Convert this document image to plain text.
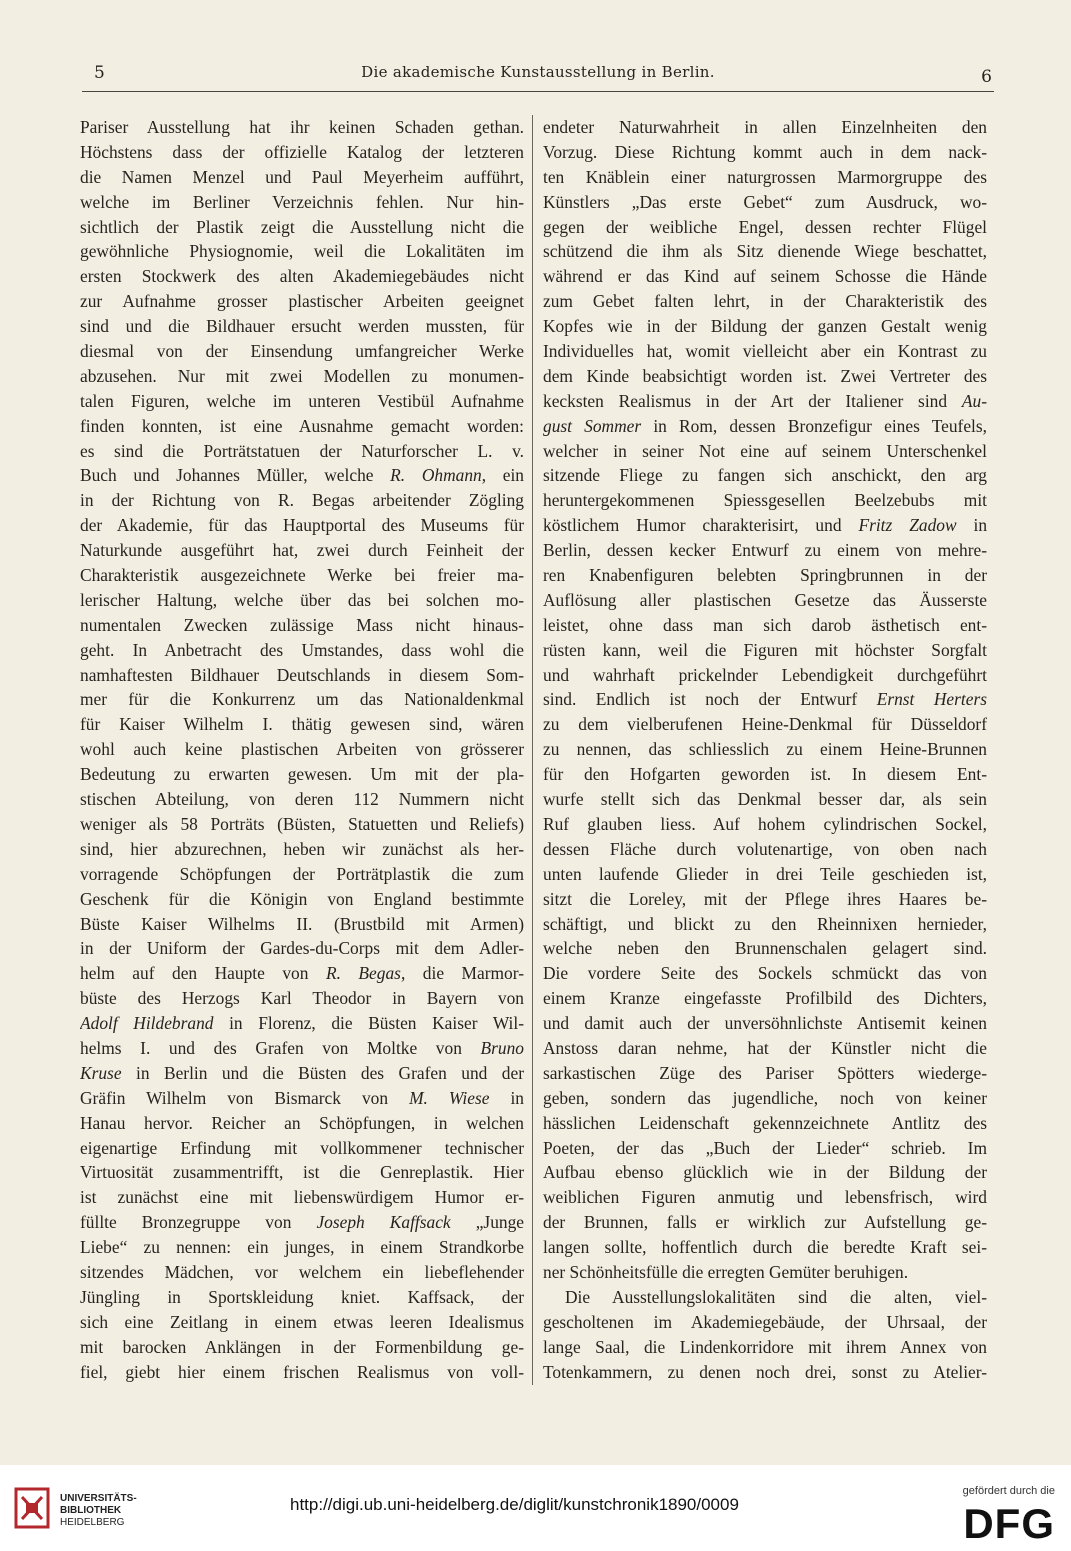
5	Die akademische Kunstausstellung in Berlin.	6
Pariser Ausstellung hat ihr keinen Schaden gethan.
Höchstens dass der offizielle Katalog der letzteren
die Namen Menzel und Paul Meyerheim aufführt,
welche im Berliner Verzeichnis fehlen. Nur hin-
sichtlich der Plastik zeigt die Ausstellung nicht die
gewöhnliche Physiognomie, weil die Lokalitäten im
ersten Stockwerk des alten Akademiegebäudes nicht
zur Aufnahme grosser plastischer Arbeiten geeignet
sind und die Bildhauer ersucht werden mussten, für
diesmal von der Einsendung umfangreicher Werke
abzusehen. Nur mit zwei Modellen zu monumen-
talen Figuren, welche im unteren Vestibül Aufnahme
finden konnten, ist eine Ausnahme gemacht worden:
es sind die Porträtstatuen der Naturforscher L. v.
Buch und Johannes Müller, welche R. Ohmann, ein
in der Richtung von R. Begas arbeitender Zögling
der Akademie, für das Hauptportal des Museums für
Naturkunde ausgeführt hat, zwei durch Feinheit der
Charakteristik ausgezeichnete Werke bei freier ma-
lerischer Haltung, welche über das bei solchen mo-
numentalen Zwecken zulässige Mass nicht hinaus-
geht. In Anbetracht des Umstandes, dass wohl die
namhaftesten Bildhauer Deutschlands in diesem Som-
mer für die Konkurrenz um das Nationaldenkmal
für Kaiser Wilhelm I. thätig gewesen sind, wären
wohl auch keine plastischen Arbeiten von grösserer
Bedeutung zu erwarten gewesen. Um mit der pla-
stischen Abteilung, von deren 112 Nummern nicht
weniger als 58 Porträts (Büsten, Statuetten und Reliefs)
sind, hier abzurechnen, heben wir zunächst als her-
vorragende Schöpfungen der Porträtplastik die zum
Geschenk für die Königin von England bestimmte
Büste Kaiser Wilhelms II. (Brustbild mit Armen)
in der Uniform der Gardes-du-Corps mit dem Adler-
helm auf den Haupte von R. Begas, die Marmor-
büste des Herzogs Karl Theodor in Bayern von
Adolf Hildebrand in Florenz, die Büsten Kaiser Wil-
helms I. und des Grafen von Moltke von Bruno
Kruse in Berlin und die Büsten des Grafen und der
Gräfin Wilhelm von Bismarck von M. Wiese in
Hanau hervor. Reicher an Schöpfungen, in welchen
eigenartige Erfindung mit vollkommener technischer
Virtuosität zusammentrifft, ist die Genreplastik. Hier
ist zunächst eine mit liebenswürdigem Humor er-
füllte Bronzegruppe von Joseph Kaffsack „Junge
Liebe“ zu nennen: ein junges, in einem Strandkorbe
sitzendes Mädchen, vor welchem ein liebeflehender
Jüngling in Sportskleidung kniet. Kaffsack, der
sich eine Zeitlang in einem etwas leeren Idealismus
mit barocken Anklängen in der Formenbildung ge-
fiel, giebt hier einem frischen Realismus von voll-
endeter Naturwahrheit in allen Einzelnheiten den
Vorzug. Diese Richtung kommt auch in dem nack-
ten Knäblein einer naturgrossen Marmorgruppe des
Künstlers „Das erste Gebet“ zum Ausdruck, wo-
gegen der weibliche Engel, dessen rechter Flügel
schützend die ihm als Sitz dienende Wiege beschattet,
während er das Kind auf seinem Schosse die Hände
zum Gebet falten lehrt, in der Charakteristik des
Kopfes wie in der Bildung der ganzen Gestalt wenig
Individuelles hat, womit vielleicht aber ein Kontrast zu
dem Kinde beabsichtigt worden ist. Zwei Vertreter des
kecksten Realismus in der Art der Italiener sind Au-
gust Sommer in Rom, dessen Bronzefigur eines Teufels,
welcher in seiner Not eine auf seinem Unterschenkel
sitzende Fliege zu fangen sich anschickt, den arg
heruntergekommenen Spiessgesellen Beelzebubs mit
köstlichem Humor charakterisirt, und Fritz Zadow in
Berlin, dessen kecker Entwurf zu einem von mehre-
ren Knabenfiguren belebten Springbrunnen in der
Auflösung aller plastischen Gesetze das Äusserste
leistet, ohne dass man sich darob ästhetisch ent-
rüsten kann, weil die Figuren mit höchster Sorgfalt
und wahrhaft prickelnder Lebendigkeit durchgeführt
sind. Endlich ist noch der Entwurf Ernst Herters
zu dem vielberufenen Heine-Denkmal für Düsseldorf
zu nennen, das schliesslich zu einem Heine-Brunnen
für den Hofgarten geworden ist. In diesem Ent-
wurfe stellt sich das Denkmal besser dar, als sein
Ruf glauben liess. Auf hohem cylindrischen Sockel,
dessen Fläche durch volutenartige, von oben nach
unten laufende Glieder in drei Teile geschieden ist,
sitzt die Loreley, mit der Pflege ihres Haares be-
schäftigt, und blickt zu den Rheinnixen hernieder,
welche neben den Brunnenschalen gelagert sind.
Die vordere Seite des Sockels schmückt das von
einem Kranze eingefasste Profilbild des Dichters,
und damit auch der unversöhnlichste Antisemit keinen
Anstoss daran nehme, hat der Künstler nicht die
sarkastischen Züge des Pariser Spötters wiederge-
geben, sondern das jugendliche, noch von keiner
hässlichen Leidenschaft gekennzeichnete Antlitz des
Poeten, der das „Buch der Lieder“ schrieb. Im
Aufbau ebenso glücklich wie in der Bildung der
weiblichen Figuren anmutig und lebensfrisch, wird
der Brunnen, falls er wirklich zur Aufstellung ge-
langen sollte, hoffentlich durch die beredte Kraft sei-
ner Schönheitsfülle die erregten Gemüter beruhigen.
Die Ausstellungslokalitäten sind die alten, viel-
gescholtenen im Akademiegebäude, der Uhrsaal, der
lange Saal, die Lindenkorridore mit ihrem Annex von
Totenkammern, zu denen noch drei, sonst zu Atelier-
UNIVERSITÄTS-
BIBLIOTHEK
HEIDELBERG
http://digi.ub.uni-heidelberg.de/diglit/kunstchronik1890/0009
gefördert durch die
DFG
